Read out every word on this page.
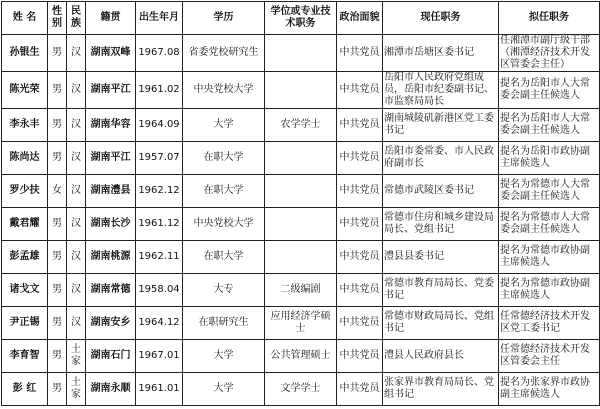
姓 名	性别	民族	籍贯	出生年月	学历	学位或专业技术职务	政治面貌	现任职务	拟任职务
孙银生	男	汉	湖南双峰	1967.08	省委党校研究生		中共党员	湘潭市岳塘区委书记	任湘潭市副厅级干部（湘潭经济技术开发区管委会主任）
陈光荣	男	汉	湖南平江	1961.02	中央党校大学		中共党员	岳阳市人民政府党组成员，岳阳市纪委副书记、市监察局局长	提名为岳阳市人大常委会副主任候选人
李永丰	男	汉	湖南华容	1964.09	大学	农学学士	中共党员	湖南城陵矶新港区党工委书记	提名为岳阳市人大常委会副主任候选人
陈尚达	男	汉	湖南平江	1957.07	在职大学		中共党员	岳阳市委常委、市人民政府副市长	提名为岳阳市政协副主席候选人
罗少扶	女	汉	湖南澧县	1962.12	在职大学		中共党员	常德市武陵区委书记	提名为常德市人大常委会副主任候选人
戴君耀	男	汉	湖南长沙	1961.12	中央党校大学		中共党员	常德市住房和城乡建设局局长、党组书记	提名为常德市人大常委会副主任候选人
彭孟雄	男	汉	湖南桃源	1962.11	在职大学		中共党员	澧县县委书记	提名为常德市政协副主席候选人
诸戈文	男	汉	湖南常德	1958.04	大专	二级编剧	中共党员	常德市教育局局长、党委书记	提名为常德市政协副主席候选人
尹正锡	男	汉	湖南安乡	1964.12	在职研究生	应用经济学硕士	中共党员	常德市财政局局长、党组书记	任常德经济技术开发区党工委书记
李育智	男	土家	湖南石门	1967.01	大学	公共管理硕士	中共党员	澧县人民政府县长	任常德经济技术开发区管委会主任
彭 红	男	土家	湖南永顺	1961.01	大学	文学学士	中共党员	张家界市教育局局长、党组书记	提名为张家界市政协副主席候选人
